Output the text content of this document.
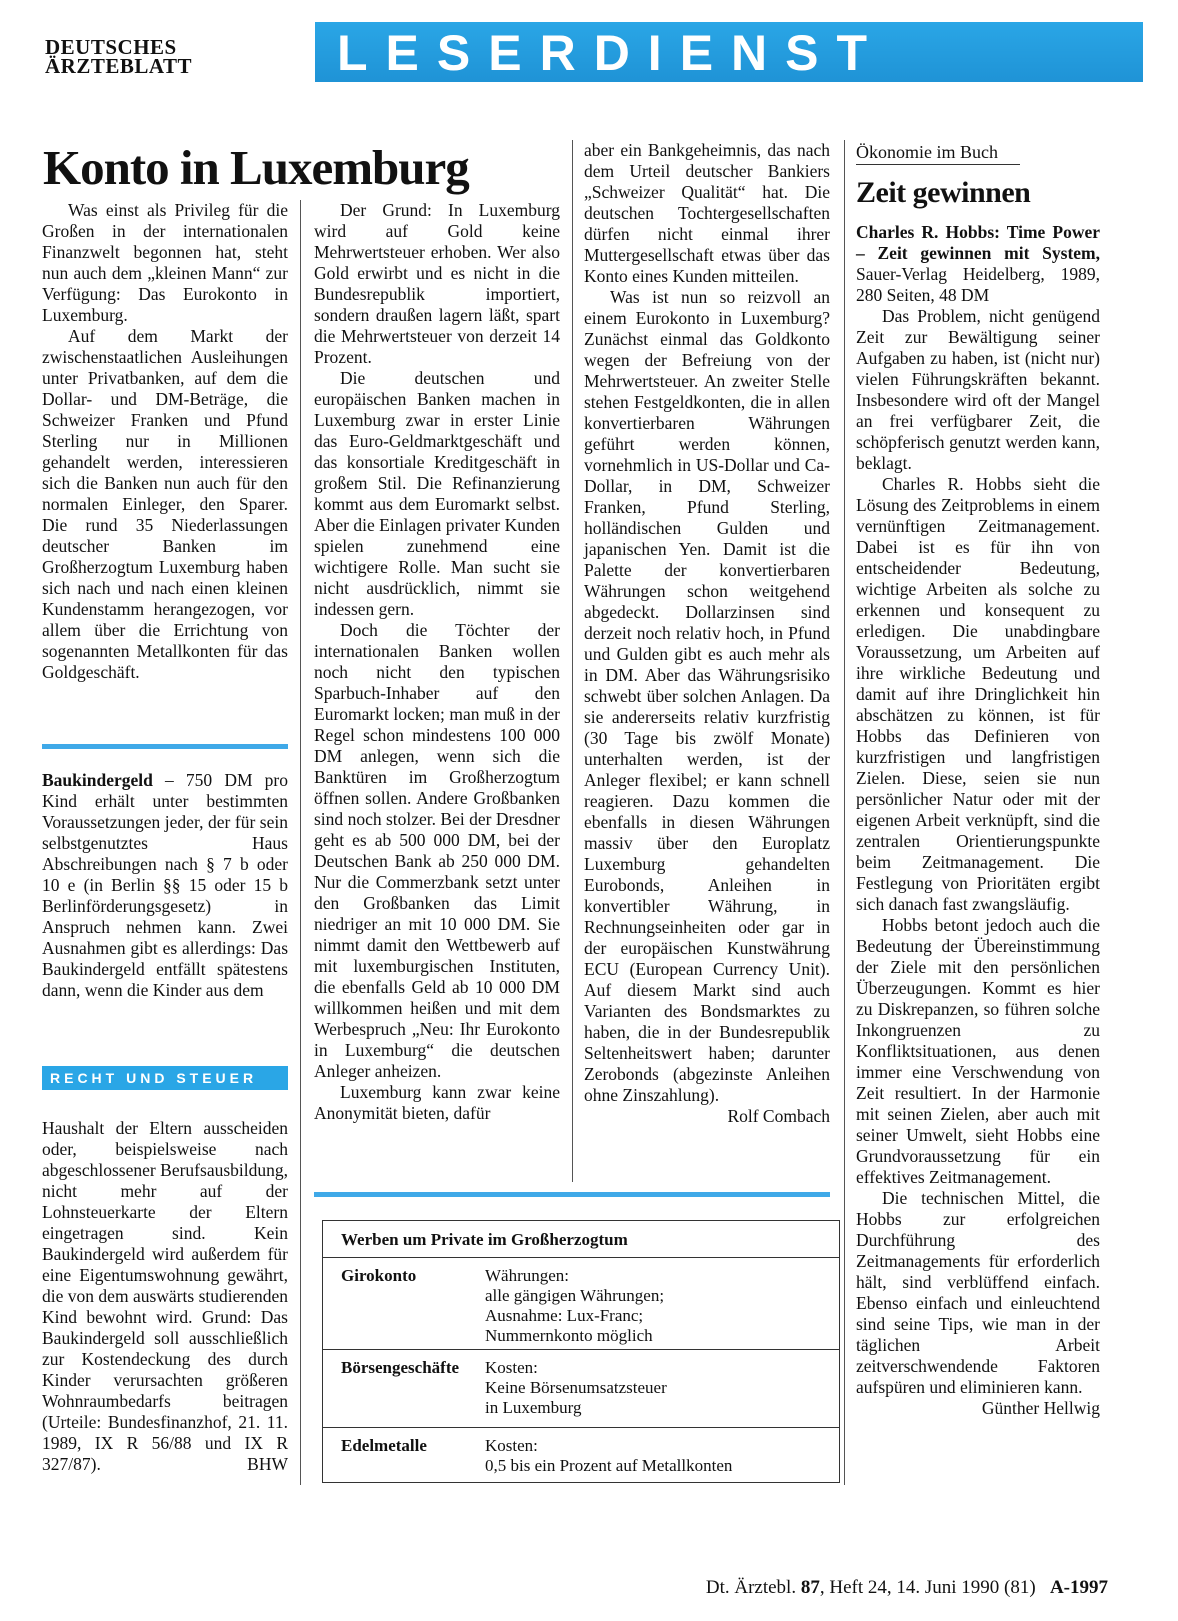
DEUTSCHES
ÄRZTEBLATT	LESERDIENST
Konto in Luxemburg

Was einst als Privileg für die Großen in der internationalen Finanzwelt begonnen hat, steht nun auch dem „kleinen Mann“ zur Verfügung: Das Eurokonto in Luxemburg.

Auf dem Markt der zwischenstaatlichen Ausleihungen unter Privatbanken, auf dem die Dollar- und DM-Beträge, die Schweizer Franken und Pfund Sterling nur in Millionen gehandelt werden, interessieren sich die Banken nun auch für den normalen Einleger, den Sparer. Die rund 35 Niederlassungen deutscher Banken im Großherzogtum Luxemburg haben sich nach und nach einen kleinen Kundenstamm herangezogen, vor allem über die Errichtung von sogenannten Metallkonten für das Goldgeschäft.

Baukindergeld – 750 DM pro Kind erhält unter bestimmten Voraussetzungen jeder, der für sein selbstgenutztes Haus Abschreibungen nach § 7 b oder 10 e (in Berlin §§ 15 oder 15 b Berlinförderungsgesetz) in Anspruch nehmen kann. Zwei Ausnahmen gibt es allerdings: Das Baukindergeld entfällt spätestens dann, wenn die Kinder aus dem

RECHT UND STEUER

Haushalt der Eltern ausscheiden oder, beispielsweise nach abgeschlossener Berufsausbildung, nicht mehr auf der Lohnsteuerkarte der Eltern eingetragen sind. Kein Baukindergeld wird außerdem für eine Eigentumswohnung gewährt, die von dem auswärts studierenden Kind bewohnt wird. Grund: Das Baukindergeld soll ausschließlich zur Kostendeckung des durch Kinder verursachten größeren Wohnraumbedarfs beitragen (Urteile: Bundesfinanzhof, 21. 11. 1989, IX R 56/88 und IX R 327/87).	BHW

Der Grund: In Luxemburg wird auf Gold keine Mehrwertsteuer erhoben. Wer also Gold erwirbt und es nicht in die Bundesrepublik importiert, sondern draußen lagern läßt, spart die Mehrwertsteuer von derzeit 14 Prozent.

Die deutschen und europäischen Banken machen in Luxemburg zwar in erster Linie das Euro-Geldmarktgeschäft und das konsortiale Kreditgeschäft in großem Stil. Die Refinanzierung kommt aus dem Euromarkt selbst. Aber die Einlagen privater Kunden spielen zunehmend eine wichtigere Rolle. Man sucht sie nicht ausdrücklich, nimmt sie indessen gern.

Doch die Töchter der internationalen Banken wollen noch nicht den typischen Sparbuch-Inhaber auf den Euromarkt locken; man muß in der Regel schon mindestens 100 000 DM anlegen, wenn sich die Banktüren im Großherzogtum öffnen sollen. Andere Großbanken sind noch stolzer. Bei der Dresdner geht es ab 500 000 DM, bei der Deutschen Bank ab 250 000 DM. Nur die Commerzbank setzt unter den Großbanken das Limit niedriger an mit 10 000 DM. Sie nimmt damit den Wettbewerb auf mit luxemburgischen Instituten, die ebenfalls Geld ab 10 000 DM willkommen heißen und mit dem Werbespruch „Neu: Ihr Eurokonto in Luxemburg“ die deutschen Anleger anheizen.

Luxemburg kann zwar keine Anonymität bieten, dafür

aber ein Bankgeheimnis, das nach dem Urteil deutscher Bankiers „Schweizer Qualität“ hat. Die deutschen Tochtergesellschaften dürfen nicht einmal ihrer Muttergesellschaft etwas über das Konto eines Kunden mitteilen.

Was ist nun so reizvoll an einem Eurokonto in Luxemburg? Zunächst einmal das Goldkonto wegen der Befreiung von der Mehrwertsteuer. An zweiter Stelle stehen Festgeldkonten, die in allen konvertierbaren Währungen geführt werden können, vornehmlich in US-Dollar und Ca-Dollar, in DM, Schweizer Franken, Pfund Sterling, holländischen Gulden und japanischen Yen. Damit ist die Palette der konvertierbaren Währungen schon weitgehend abgedeckt. Dollarzinsen sind derzeit noch relativ hoch, in Pfund und Gulden gibt es auch mehr als in DM. Aber das Währungsrisiko schwebt über solchen Anlagen. Da sie andererseits relativ kurzfristig (30 Tage bis zwölf Monate) unterhalten werden, ist der Anleger flexibel; er kann schnell reagieren. Dazu kommen die ebenfalls in diesen Währungen massiv über den Europlatz Luxemburg gehandelten Eurobonds, Anleihen in konvertibler Währung, in Rechnungseinheiten oder gar in der europäischen Kunstwährung ECU (European Currency Unit). Auf diesem Markt sind auch Varianten des Bondsmarktes zu haben, die in der Bundesrepublik Seltenheitswert haben; darunter Zerobonds (abgezinste Anleihen ohne Zinszahlung).

Rolf Combach
Werben um Private im Großherzogtum
Girokonto	Währungen:
alle gängigen Währungen;
Ausnahme: Lux-Franc;
Nummernkonto möglich
Börsengeschäfte Kosten:
Keine Börsenumsatzsteuer
in Luxemburg
Edelmetalle	Kosten:
0,5 bis ein Prozent auf Metallkonten
Ökonomie im Buch
Zeit gewinnen

Charles R. Hobbs: Time Power – Zeit gewinnen mit System, Sauer-Verlag Heidelberg, 1989, 280 Seiten, 48 DM

Das Problem, nicht genügend Zeit zur Bewältigung seiner Aufgaben zu haben, ist (nicht nur) vielen Führungskräften bekannt. Insbesondere wird oft der Mangel an frei verfügbarer Zeit, die schöpferisch genutzt werden kann, beklagt.

Charles R. Hobbs sieht die Lösung des Zeitproblems in einem vernünftigen Zeitmanagement. Dabei ist es für ihn von entscheidender Bedeutung, wichtige Arbeiten als solche zu erkennen und konsequent zu erledigen. Die unabdingbare Voraussetzung, um Arbeiten auf ihre wirkliche Bedeutung und damit auf ihre Dringlichkeit hin abschätzen zu können, ist für Hobbs das Definieren von kurzfristigen und langfristigen Zielen. Diese, seien sie nun persönlicher Natur oder mit der eigenen Arbeit verknüpft, sind die zentralen Orientierungspunkte beim Zeitmanagement. Die Festlegung von Prioritäten ergibt sich danach fast zwangsläufig.

Hobbs betont jedoch auch die Bedeutung der Übereinstimmung der Ziele mit den persönlichen Überzeugungen. Kommt es hier zu Diskrepanzen, so führen solche Inkongruenzen zu Konfliktsituationen, aus denen immer eine Verschwendung von Zeit resultiert. In der Harmonie mit seinen Zielen, aber auch mit seiner Umwelt, sieht Hobbs eine Grundvoraussetzung für ein effektives Zeitmanagement.

Die technischen Mittel, die Hobbs zur erfolgreichen Durchführung des Zeitmanagements für erforderlich hält, sind verblüffend einfach. Ebenso einfach und einleuchtend sind seine Tips, wie man in der täglichen Arbeit zeitverschwendende Faktoren aufspüren und eliminieren kann.
Günther Hellwig

Dt. Ärztebl. 87, Heft 24, 14. Juni 1990 (81) A-1997
